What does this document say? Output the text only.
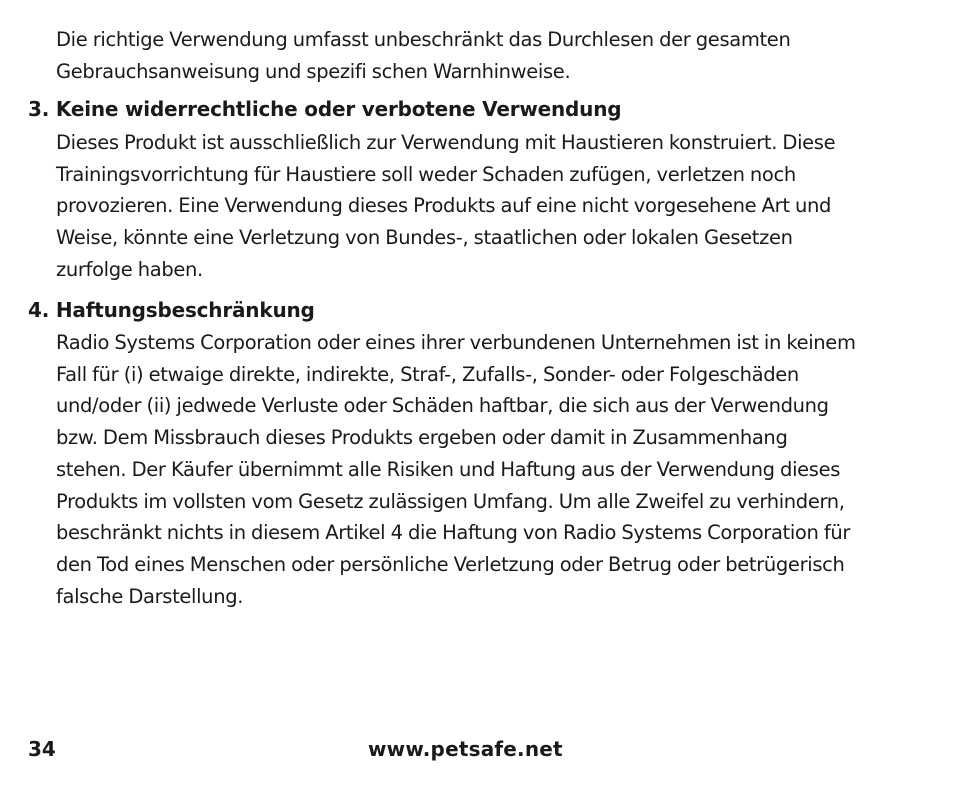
Die richtige Verwendung umfasst unbeschränkt das Durchlesen der gesamten
Gebrauchsanweisung und spezifi schen Warnhinweise.
3. Keine widerrechtliche oder verbotene Verwendung
Dieses Produkt ist ausschließlich zur Verwendung mit Haustieren konstruiert. Diese
Trainingsvorrichtung für Haustiere soll weder Schaden zufügen, verletzen noch
provozieren. Eine Verwendung dieses Produkts auf eine nicht vorgesehene Art und
Weise, könnte eine Verletzung von Bundes-, staatlichen oder lokalen Gesetzen
zurfolge haben.
4. Haftungsbeschränkung
Radio Systems Corporation oder eines ihrer verbundenen Unternehmen ist in keinem
Fall für (i) etwaige direkte, indirekte, Straf-, Zufalls-, Sonder- oder Folgeschäden
und/oder (ii) jedwede Verluste oder Schäden haftbar, die sich aus der Verwendung
bzw. Dem Missbrauch dieses Produkts ergeben oder damit in Zusammenhang
stehen. Der Käufer übernimmt alle Risiken und Haftung aus der Verwendung dieses
Produkts im vollsten vom Gesetz zulässigen Umfang. Um alle Zweifel zu verhindern,
beschränkt nichts in diesem Artikel 4 die Haftung von Radio Systems Corporation für
den Tod eines Menschen oder persönliche Verletzung oder Betrug oder betrügerisch
falsche Darstellung.
34	www.petsafe.net
